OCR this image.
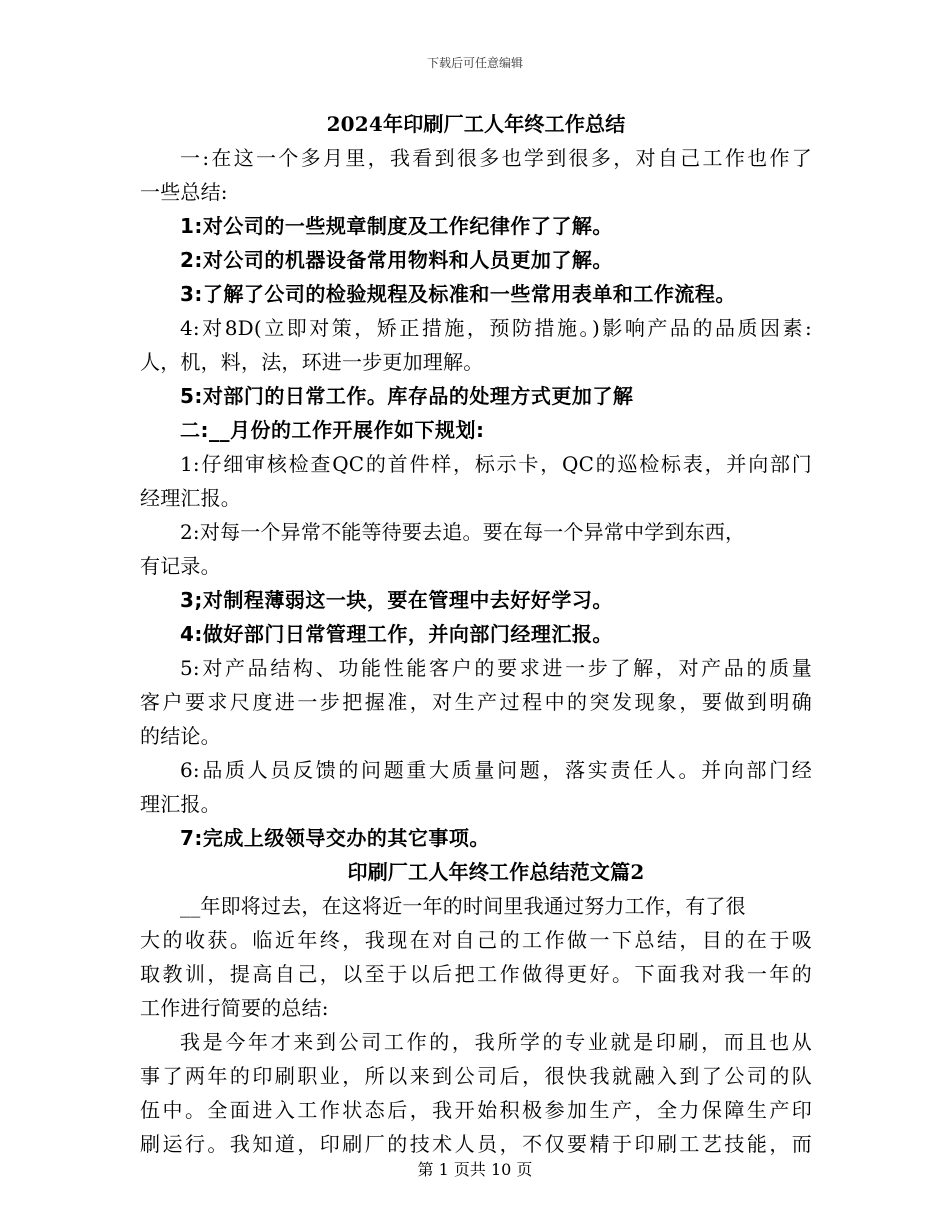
下载后可任意编辑
2024年印刷厂工人年终工作总结
一:在这一个多月里，我看到很多也学到很多，对自己工作也作了
一些总结:
1:对公司的一些规章制度及工作纪律作了了解。
2:对公司的机器设备常用物料和人员更加了解。
3:了解了公司的检验规程及标准和一些常用表单和工作流程。
4:对8D(立即对策，矫正措施，预防措施。)影响产品的品质因素:
人，机，料，法，环进一步更加理解。
5:对部门的日常工作。库存品的处理方式更加了解
二:__月份的工作开展作如下规划:
1:仔细审核检查QC的首件样，标示卡，QC的巡检标表，并向部门
经理汇报。
2:对每一个异常不能等待要去追。要在每一个异常中学到东西，
有记录。
3;对制程薄弱这一块，要在管理中去好好学习。
4:做好部门日常管理工作，并向部门经理汇报。
5:对产品结构、功能性能客户的要求进一步了解，对产品的质量
客户要求尺度进一步把握准，对生产过程中的突发现象，要做到明确
的结论。
6:品质人员反馈的问题重大质量问题，落实责任人。并向部门经
理汇报。
7:完成上级领导交办的其它事项。
印刷厂工人年终工作总结范文篇2
__年即将过去，在这将近一年的时间里我通过努力工作，有了很
大的收获。临近年终，我现在对自己的工作做一下总结，目的在于吸
取教训，提高自己，以至于以后把工作做得更好。下面我对我一年的
工作进行简要的总结:
我是今年才来到公司工作的，我所学的专业就是印刷，而且也从
事了两年的印刷职业，所以来到公司后，很快我就融入到了公司的队
伍中。全面进入工作状态后，我开始积极参加生产，全力保障生产印
刷运行。我知道，印刷厂的技术人员，不仅要精于印刷工艺技能，而
第 1 页共 10 页
